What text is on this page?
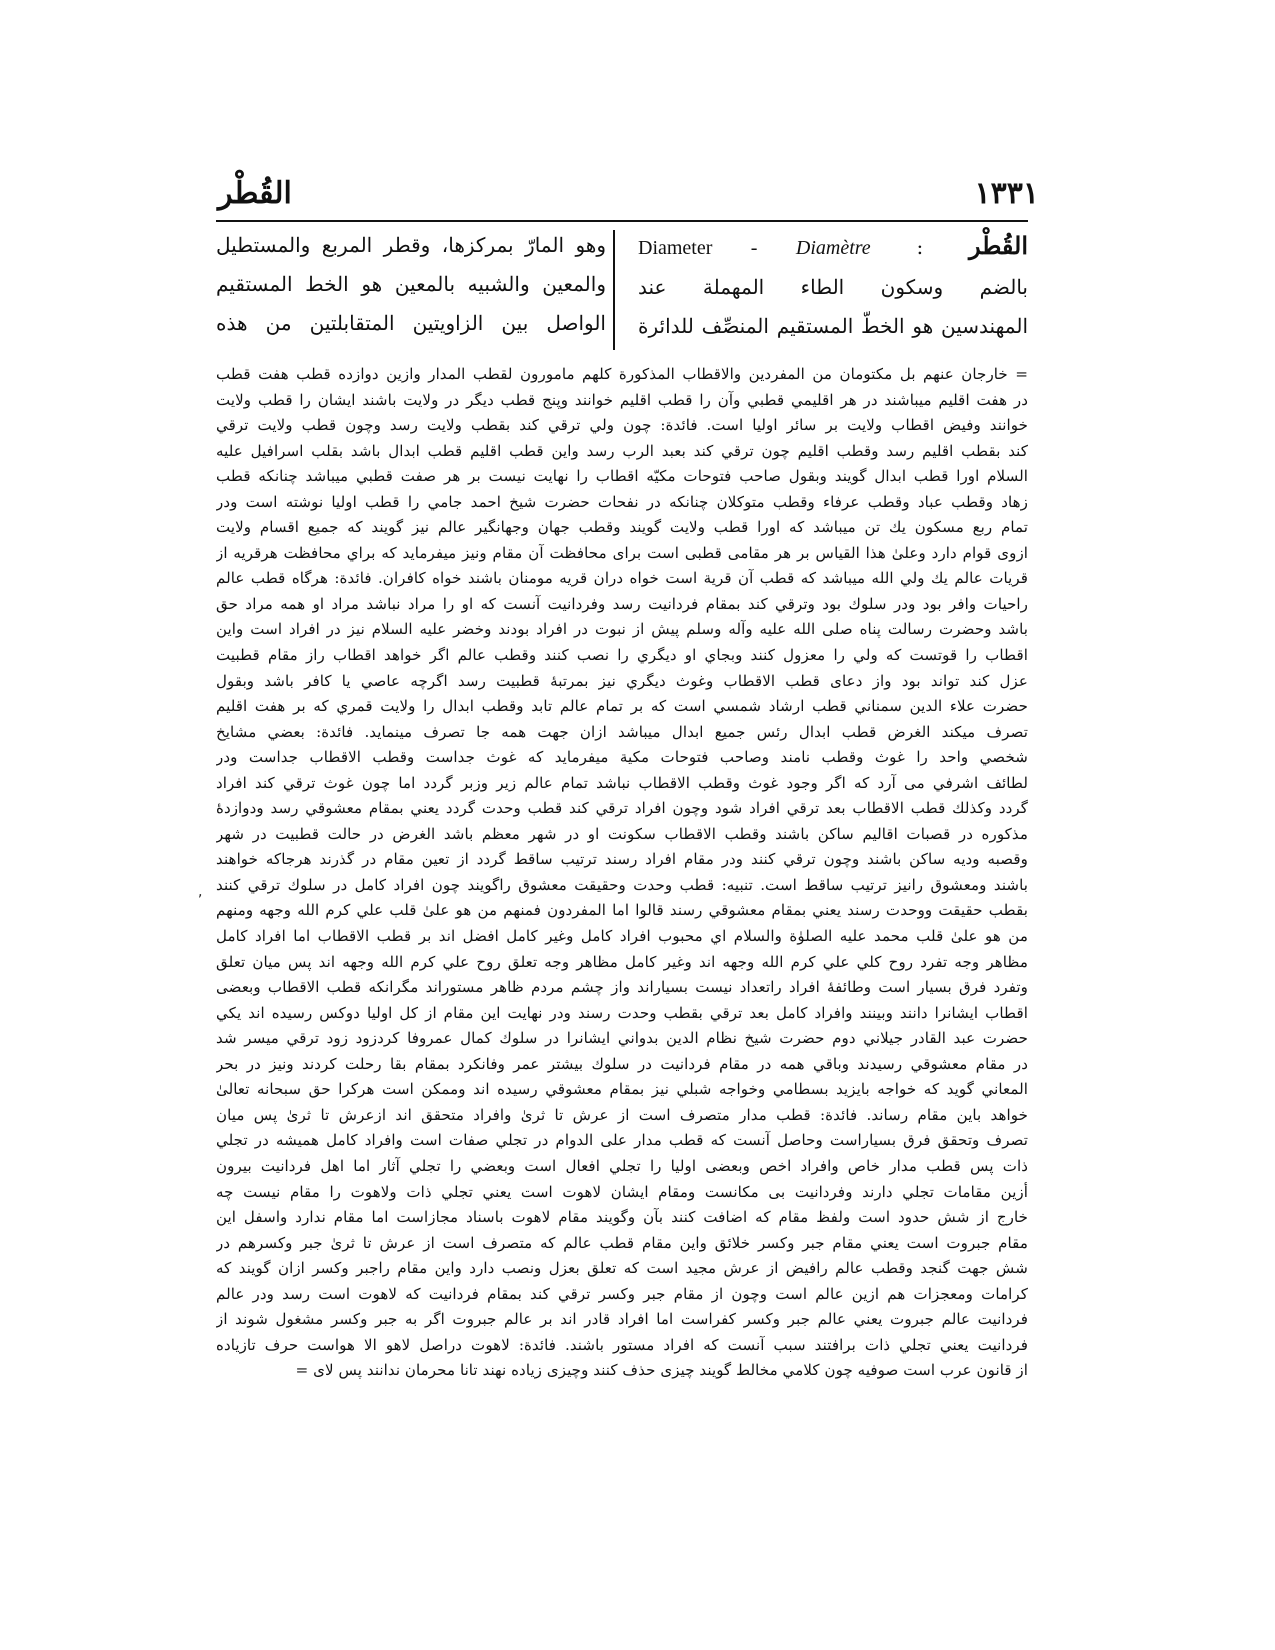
القُطْر	١٣٣١
القُطْر : Diameter - Diamètre
بالضم وسكون الطاء المهملة عند
المهندسين هو الخطّ المستقيم المنصِّف للدائرة
وهو المارّ بمركزها، وقطر المربع والمستطيل
والمعين والشبيه بالمعين هو الخط المستقيم
الواصل بين الزاويتين المتقابلتين من هذه
= خارجان عنهم بل مكتومان من المفردين والاقطاب المذكورة كلهم مامورون لقطب المدار وازين دوازده قطب هفت قطب
در هفت اقليم ميباشند در هر اقليمي قطبي وآن را قطب اقليم خوانند وپنج قطب ديگر در ولايت باشند ايشان را قطب ولايت
خوانند وفيض اقطاب ولايت بر سائر اوليا است. فائدة: چون ولي ترقي كند بقطب ولايت رسد وچون قطب ولايت ترقي
كند بقطب اقليم رسد وقطب اقليم چون ترقي كند بعبد الرب رسد واين قطب اقليم قطب ابدال باشد بقلب اسرافيل عليه
السلام اورا قطب ابدال گويند وبقول صاحب فتوحات مكيّه اقطاب را نهايت نيست بر هر صفت قطبي ميباشد چنانكه قطب
زهاد وقطب عباد وقطب عرفاء وقطب متوكلان چنانكه در نفحات حضرت شيخ احمد جامي را قطب اوليا نوشته است ودر
تمام ربع مسكون يك تن ميباشد كه اورا قطب ولايت گويند وقطب جهان وجهانگير عالم نيز گويند كه جميع اقسام ولايت
ازوى قوام دارد وعلىٰ هذا القياس بر هر مقامى قطبى است براى محافظت آن مقام ونيز ميفرمايد كه براي محافظت هرقريه از
قريات عالم يك ولي الله ميباشد كه قطب آن قرية است خواه دران قريه مومنان باشند خواه كافران. فائدة: هرگاه قطب عالم
راحيات وافر بود ودر سلوك بود وترقي كند بمقام فردانيت رسد وفردانيت آنست كه او را مراد نباشد مراد او همه مراد حق
باشد وحضرت رسالت پناه صلى الله عليه وآله وسلم پيش از نبوت در افراد بودند وخضر عليه السلام نيز در افراد است واين
اقطاب را قوتست كه ولي را معزول كنند وبجاي او ديگري را نصب كنند وقطب عالم اگر خواهد اقطاب راز مقام قطبيت
عزل كند تواند بود واز دعاى قطب الاقطاب وغوث ديگري نيز بمرتبۀ قطبيت رسد اگرچه عاصي يا كافر باشد وبقول
حضرت علاء الدين سمناني قطب ارشاد شمسي است كه بر تمام عالم تابد وقطب ابدال را ولايت قمري كه بر هفت اقليم
تصرف ميكند الغرض قطب ابدال رئس جميع ابدال ميباشد ازان جهت همه جا تصرف مينمايد. فائدة: بعضي مشايخ
شخصي واحد را غوث وقطب نامند وصاحب فتوحات مكية ميفرمايد كه غوث جداست وقطب الاقطاب جداست ودر
لطائف اشرفي مى آرد كه اگر وجود غوث وقطب الاقطاب نباشد تمام عالم زير وزبر گردد اما چون غوث ترقي كند افراد
گردد وكذلك قطب الاقطاب بعد ترقي افراد شود وچون افراد ترقي كند قطب وحدت گردد يعني بمقام معشوقي رسد ودوازدۀ
مذكوره در قصبات اقاليم ساكن باشند وقطب الاقطاب سكونت او در شهر معظم باشد الغرض در حالت قطبيت در شهر
وقصبه وديه ساكن باشند وچون ترقي كنند ودر مقام افراد رسند ترتيب ساقط گردد از تعين مقام در گذرند هرجاكه خواهند
باشند ومعشوق رانيز ترتيب ساقط است. تنبيه: قطب وحدت وحقيقت معشوق راگويند چون افراد كامل در سلوك ترقي كنند
بقطب حقيقت ووحدت رسند يعني بمقام معشوقي رسند قالوا اما المفردون فمنهم من هو علىٰ قلب علي كرم الله وجهه ومنهم
من هو علىٰ قلب محمد عليه الصلوٰة والسلام اي محبوب افراد كامل وغير كامل افضل اند بر قطب الاقطاب اما افراد كامل
مظاهر وجه تفرد روح كلي علي كرم الله وجهه اند وغير كامل مظاهر وجه تعلق روح علي كرم الله وجهه اند پس ميان تعلق
وتفرد فرق بسيار است وطائفۀ افراد راتعداد نيست بسياراند واز چشم مردم ظاهر مستوراند مگرانكه قطب الاقطاب وبعضى
اقطاب ايشانرا دانند وبينند وافراد كامل بعد ترقي بقطب وحدت رسند ودر نهايت اين مقام از كل اوليا دوكس رسيده اند يكي
حضرت عبد القادر جيلاني دوم حضرت شيخ نظام الدين بدواني ايشانرا در سلوك كمال عمروفا كردزود زود ترقي ميسر شد
در مقام معشوقي رسيدند وباقي همه در مقام فردانيت در سلوك بيشتر عمر وفانكرد بمقام بقا رحلت كردند ونيز در بحر
المعاني گويد كه خواجه بايزيد بسطامي وخواجه شبلي نيز بمقام معشوقي رسيده اند وممكن است هركرا حق سبحانه تعالىٰ
خواهد باين مقام رساند. فائدة: قطب مدار متصرف است از عرش تا ثرىٰ وافراد متحقق اند ازعرش تا ثرىٰ پس ميان
تصرف وتحقق فرق بسياراست وحاصل آنست كه قطب مدار على الدوام در تجلي صفات است وافراد كامل هميشه در تجلي
ذات پس قطب مدار خاص وافراد اخص وبعضى اوليا را تجلي افعال است وبعضي را تجلي آثار اما اهل فردانيت بيرون
أزين مقامات تجلي دارند وفردانيت بى مكانست ومقام ايشان لاهوت است يعني تجلي ذات ولاهوت را مقام نيست چه
خارج از شش حدود است ولفظ مقام كه اضافت كنند بآن وگويند مقام لاهوت باسناد مجازاست اما مقام ندارد واسفل اين
مقام جبروت است يعني مقام جبر وكسر خلائق واين مقام قطب عالم كه متصرف است از عرش تا ثرىٰ جبر وكسرهم در
شش جهت گنجد وقطب عالم رافيض از عرش مجيد است كه تعلق بعزل ونصب دارد واين مقام راجبر وكسر ازان گويند كه
كرامات ومعجزات هم ازين عالم است وچون از مقام جبر وكسر ترقي كند بمقام فردانيت كه لاهوت است رسد ودر عالم
فردانيت عالم جبروت يعني عالم جبر وكسر كفراست اما افراد قادر اند بر عالم جبروت اگر به جبر وكسر مشغول شوند از
فردانيت يعني تجلي ذات برافتند سبب آنست كه افراد مستور باشند. فائدة: لاهوت دراصل لاهو الا هواست حرف تازياده
از قانون عرب است صوفيه چون كلامي مخالط گويند چيزى حذف كنند وچيزى زياده نهند تانا محرمان ندانند پس لاى =
,
